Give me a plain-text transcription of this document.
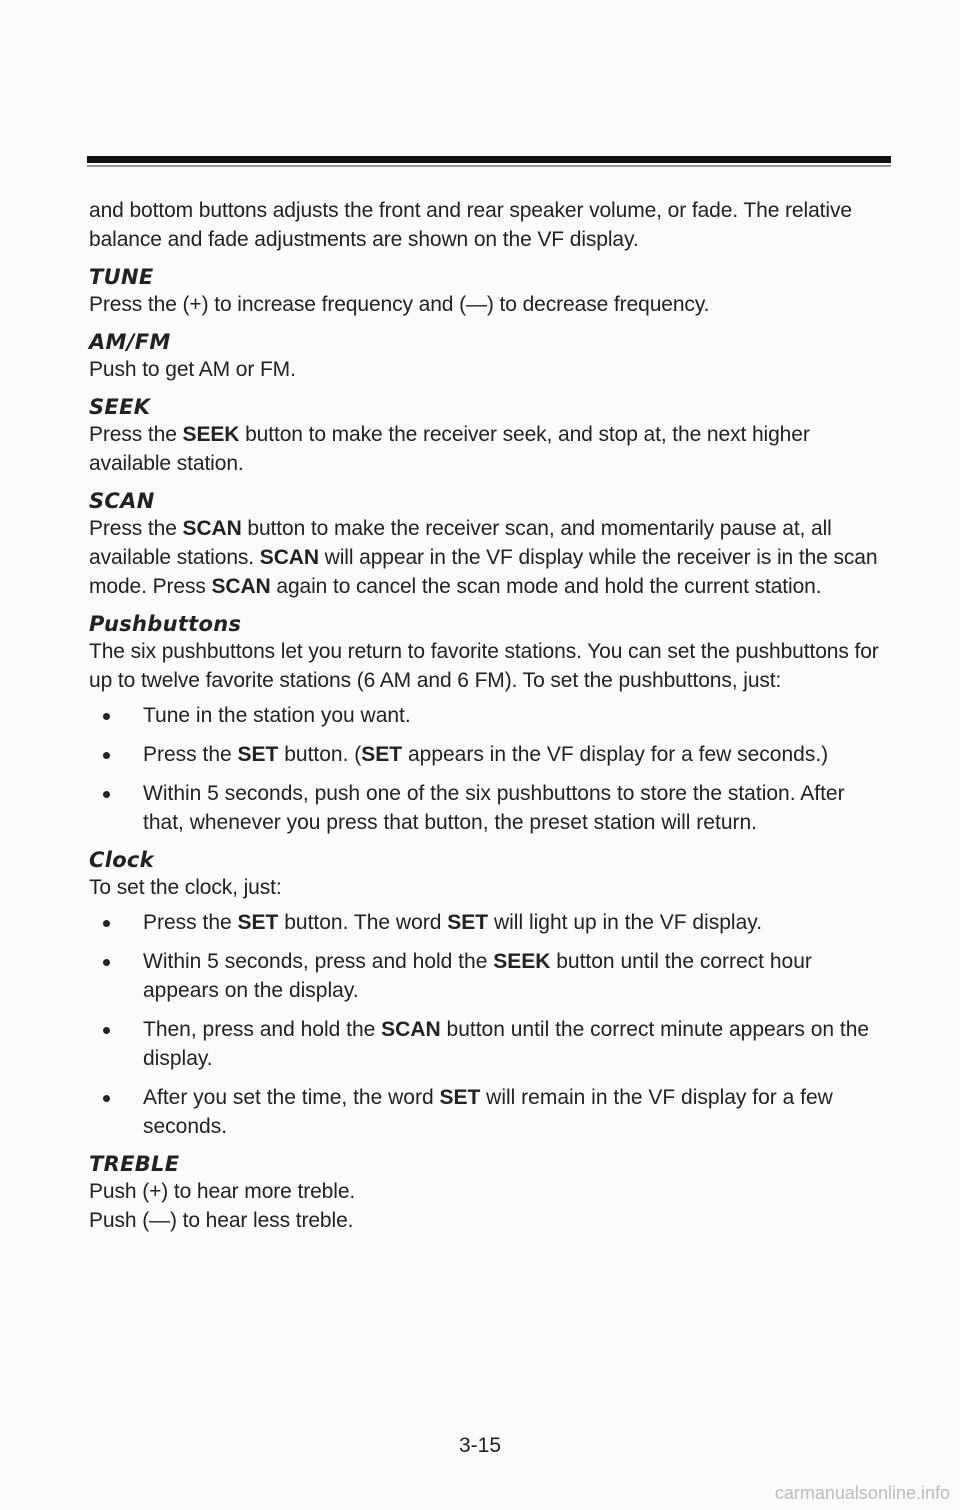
and bottom buttons adjusts the front and rear speaker volume, or fade. The relative balance and fade adjustments are shown on the VF display.

TUNE

Press the (+) to increase frequency and (—) to decrease frequency.

AM/FM

Push to get AM or FM.

SEEK

Press the SEEK button to make the receiver seek, and stop at, the next higher available station.

SCAN

Press the SCAN button to make the receiver scan, and momentarily pause at, all available stations. SCAN will appear in the VF display while the receiver is in the scan mode. Press SCAN again to cancel the scan mode and hold the current station.

Pushbuttons

The six pushbuttons let you return to favorite stations. You can set the pushbuttons for up to twelve favorite stations (6 AM and 6 FM). To set the pushbuttons, just:

Tune in the station you want.
Press the SET button. (SET appears in the VF display for a few seconds.)
Within 5 seconds, push one of the six pushbuttons to store the station. After that, whenever you press that button, the preset station will return.
Clock

To set the clock, just:

Press the SET button. The word SET will light up in the VF display.
Within 5 seconds, press and hold the SEEK button until the correct hour appears on the display.
Then, press and hold the SCAN button until the correct minute appears on the display.
After you set the time, the word SET will remain in the VF display for a few seconds.
TREBLE

Push (+) to hear more treble.

Push (—) to hear less treble.

3-15
carmanualsonline.info
